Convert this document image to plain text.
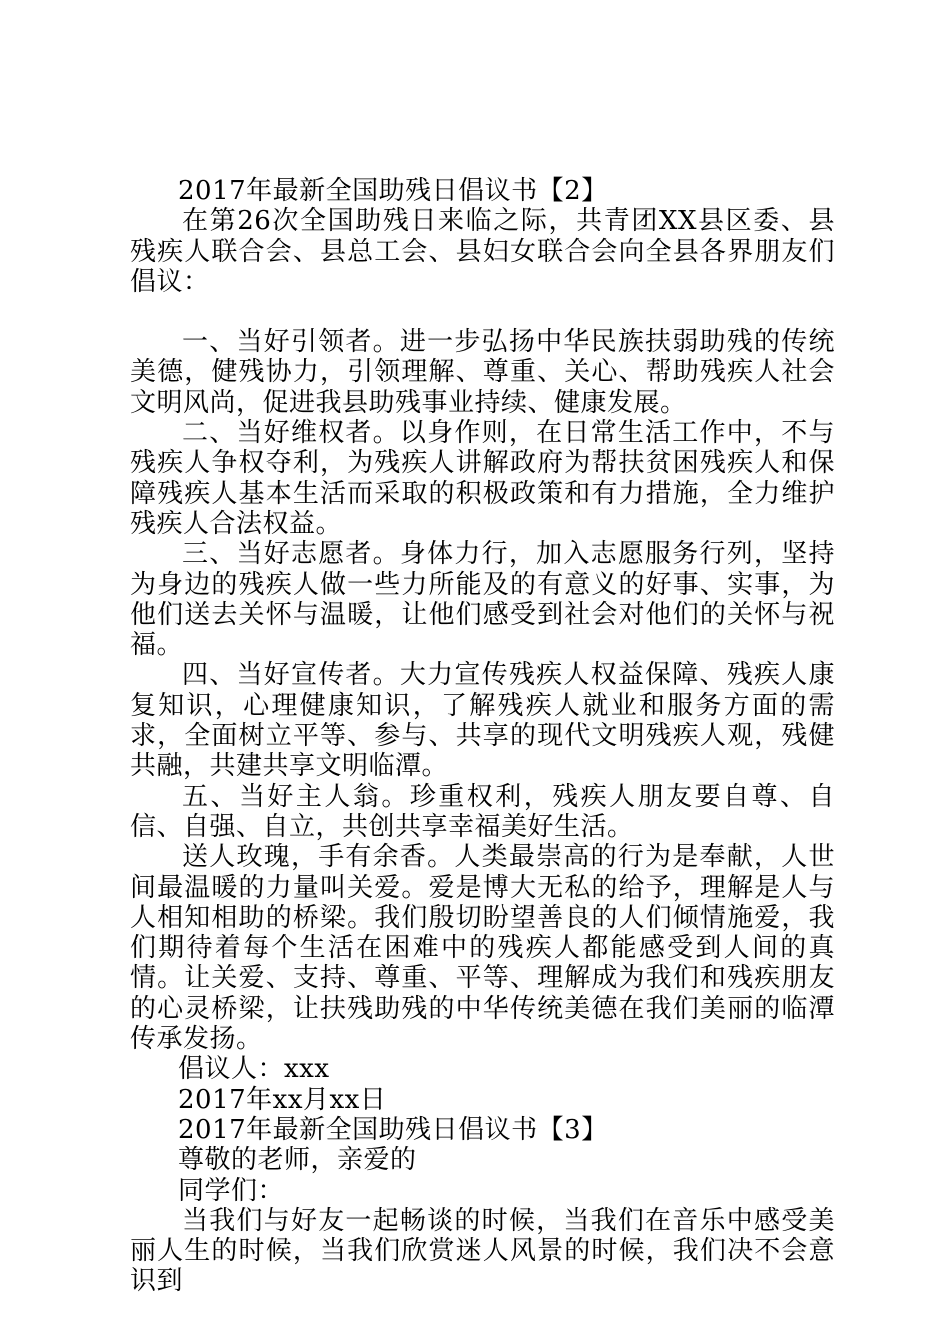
2017年最新全国助残日倡议书【2】
在第26次全国助残日来临之际，共青团XX县区委、县残疾人联合会、县总工会、县妇女联合会向全县各界朋友们倡议：
一、当好引领者。进一步弘扬中华民族扶弱助残的传统美德，健残协力，引领理解、尊重、关心、帮助残疾人社会文明风尚，促进我县助残事业持续、健康发展。
二、当好维权者。以身作则，在日常生活工作中，不与残疾人争权夺利，为残疾人讲解政府为帮扶贫困残疾人和保障残疾人基本生活而采取的积极政策和有力措施，全力维护残疾人合法权益。
三、当好志愿者。身体力行，加入志愿服务行列，坚持为身边的残疾人做一些力所能及的有意义的好事、实事，为他们送去关怀与温暖，让他们感受到社会对他们的关怀与祝福。
四、当好宣传者。大力宣传残疾人权益保障、残疾人康复知识，心理健康知识，了解残疾人就业和服务方面的需求，全面树立平等、参与、共享的现代文明残疾人观，残健共融，共建共享文明临潭。
五、当好主人翁。珍重权利，残疾人朋友要自尊、自信、自强、自立，共创共享幸福美好生活。
送人玫瑰，手有余香。人类最崇高的行为是奉献，人世间最温暖的力量叫关爱。爱是博大无私的给予，理解是人与人相知相助的桥梁。我们殷切盼望善良的人们倾情施爱，我们期待着每个生活在困难中的残疾人都能感受到人间的真情。让关爱、支持、尊重、平等、理解成为我们和残疾朋友的心灵桥梁，让扶残助残的中华传统美德在我们美丽的临潭传承发扬。
倡议人：xxx
2017年xx月xx日
2017年最新全国助残日倡议书【3】
尊敬的老师，亲爱的
同学们：
当我们与好友一起畅谈的时候，当我们在音乐中感受美丽人生的时候，当我们欣赏迷人风景的时候，我们决不会意识到
